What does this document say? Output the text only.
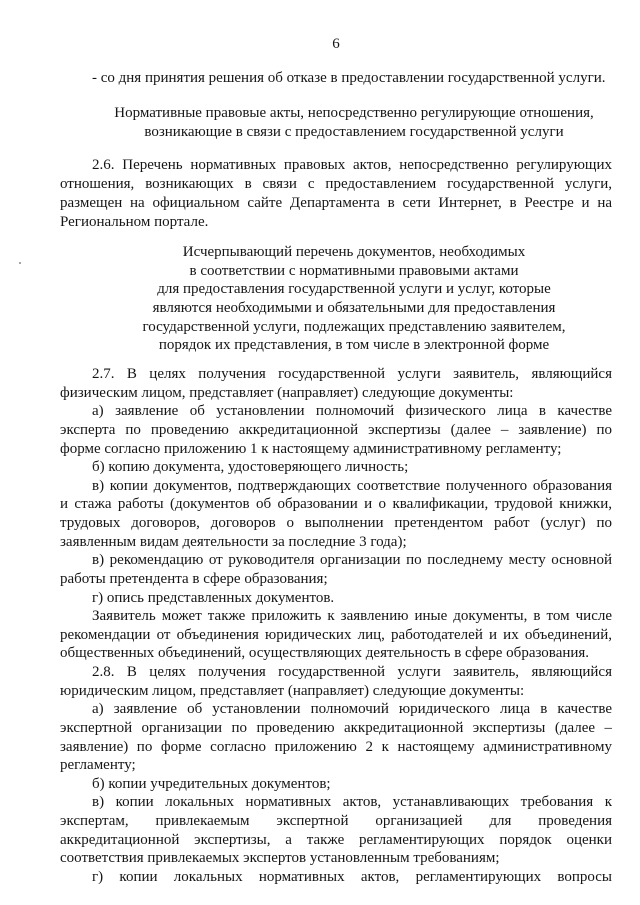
6
- со дня принятия решения об отказе в предоставлении государственной услуги.
Нормативные правовые акты, непосредственно регулирующие отношения,
возникающие в связи с предоставлением государственной услуги
2.6. Перечень нормативных правовых актов, непосредственно регулирующих
отношения, возникающих в связи с предоставлением государственной услуги,
размещен на официальном сайте Департамента в сети Интернет, в Реестре и на
Региональном портале.
Исчерпывающий перечень документов, необходимых
в соответствии с нормативными правовыми актами
для предоставления государственной услуги и услуг, которые
являются необходимыми и обязательными для предоставления
государственной услуги, подлежащих представлению заявителем,
порядок их представления, в том числе в электронной форме
2.7. В целях получения государственной услуги заявитель, являющийся
физическим лицом, представляет (направляет) следующие документы:
а) заявление об установлении полномочий физического лица в качестве
эксперта по проведению аккредитационной экспертизы (далее – заявление) по
форме согласно приложению 1 к настоящему административному регламенту;
б) копию документа, удостоверяющего личность;
в) копии документов, подтверждающих соответствие полученного образования
и стажа работы (документов об образовании и о квалификации, трудовой книжки,
трудовых договоров, договоров о выполнении претендентом работ (услуг) по
заявленным видам деятельности за последние 3 года);
в) рекомендацию от руководителя организации по последнему месту основной
работы претендента в сфере образования;
г) опись представленных документов.
Заявитель может также приложить к заявлению иные документы, в том числе
рекомендации от объединения юридических лиц, работодателей и их объединений,
общественных объединений, осуществляющих деятельность в сфере образования.
2.8. В целях получения государственной услуги заявитель, являющийся
юридическим лицом, представляет (направляет) следующие документы:
а) заявление об установлении полномочий юридического лица в качестве
экспертной организации по проведению аккредитационной экспертизы (далее –
заявление) по форме согласно приложению 2 к настоящему административному
регламенту;
б) копии учредительных документов;
в) копии локальных нормативных актов, устанавливающих требования к
экспертам, привлекаемым экспертной организацией для проведения
аккредитационной экспертизы, а также регламентирующих порядок оценки
соответствия привлекаемых экспертов установленным требованиям;
г) копии локальных нормативных актов, регламентирующих вопросы
